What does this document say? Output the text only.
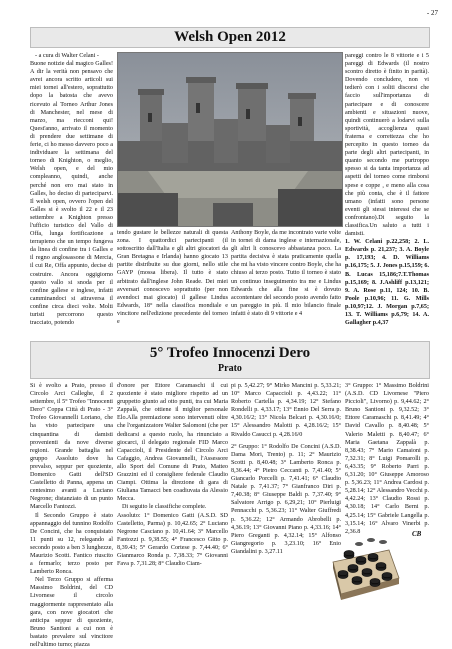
- 27
Welsh Open 2012

- a cura di Walter Celani -

Buone notizie dal magico Galles! A dir la verità non pensavo che avrei ancora scritto articoli sui miei tornei all'estero, soprattutto dopo la batosta che avevo ricevuto al Torneo Arthur Jones di Manchester, nel mese di marzo, ma riecconi qui! Quest'anno, arrivato il momento di prendere due settimane di ferie, ci ho messo davvero poco a individuare la settimana del torneo di Knighton, o meglio, Welsh open, e del mio compleanno, quindi, anche perché non ero mai stato in Galles, ho deciso di parteciparvi. Il welsh open, ovvero l'open del Galles si è svolto il 22 e il 23 settembre a Knighton presso l'ufficio turistico del Vallo di Offa, lunga fortificazione a terrapieno che un tempo fungeva da linea di confine tra i Galles e il regno anglosassone di Mercia, il cui Re, Offa appunto, decise di costruire. Ancora oggigiorno questo vallo si snoda per il confine gallese e inglese, infatti camminandoci si attraversa il confine circa dieci volte. Molti turisti percorrono questo tracciato, potendo

tendo gustare le bellezze naturali di questa zona. I quattordici partecipanti (il sottoscritto dall'Italia e gli altri giocatori da Gran Bretagna e Irlanda) hanno giocato 13 partite distribuite su due giorni, nello stile GAYP (mossa libera). Il tutto è stato arbitrato dall'inglese John Reade. Dei miei avversari conoscevo soprattutto (per non avendoci mai giocato) il gallese Lindus Edwards, 18° nella classifica mondiale e vincitore nell'edizione precedente del torneo e

Anthony Boyle, da me incontrato varie volte in tornei di dama inglese e internazionale, gli altri li conoscevo abbastanza poco. La partita decisiva è stata praticamente quella che mi ha visto vincere contro Boyle, che ha chiuso al terzo posto. Tutto il torneo è stato un continuo inseguimento tra me e Lindus Edwards che alla fine si è dovuto accontentare del secondo posto avendo fatto un pareggio in più. Il mio bilancio finale infatti è stato di 9 vittorie e 4

pareggi contro le 8 vittorie e i 5 pareggi di Edwards (il nostro scontro diretto è finito in parità). Dovendo concludere, non vi tedierò con i soliti discorsi che faccio sull'importanza di partecipare e di conoscere ambienti e situazioni nuove, quindi continuerò a lodarvi sulla sportività, accoglienza quasi fraterna e correttezza che ho percepito in questo torneo da parte degli altri partecipanti, in quanto secondo me purtroppo spesso si da tanta importanza ad aspetti del torneo come rimborsi spese e coppe , e meno alla cosa che più conta, che è il fattore umano (infatti sono persone eventi gli stessi interessi che se confrontano).Di seguito la classifica.Un saluto a tutti i damisti.

1. W. Celani p.22,258; 2. L. Edwards p. 21,237; 3. A. Boyle p. 17,193; 4. D. Williams p.16,175; 5. J. Jones p.15,159; 6. B. Lucas 15,186;7.T.Thomas p.15,169; 8. J.Ashliff p.13,121; 9. A. Rose p.11, 124; 10. B. Poole p.10,96; 11. G. Mills p.10,97;12. J. Morgan p.7,65; 13. T. Williams p.6,79; 14. A. Gallagher p.4,37

5° Trofeo Innocenzi Dero
Prato

Si è svolto a Prato, presso il Circolo Arci Calleghe, il 2 settembre, il 5° Trofeo "Innocenti Dero" Coppa Città di Prato - 3° Trofeo Giovannelli Loriano, che ha visto partecipare una cinquantina di damisti provenienti da nove diverse regioni. Grande battaglia nel gruppo Assoluto dove ha prevalso, seppur per quoziente, Domenico Gatti dell'SD Castelletto di Panna, appena un centesimo avanti a Luciano Negrone; distanziato di un punto Marcello Fantozzi.

Il Secondo Gruppo è stato appannaggio del tunnino Rodolfo De Concini, che ha conquistato 11 punti su 12, relegando al secondo posto a ben 3 lunghezze, Maurizio Scotti. Fantico riuscito a fermarlo; terzo posto per Lamberto Ronca.

Nel Terzo Gruppo si afferma Massimo Boldrini, del CD Livornese il circolo maggiormente rappresentato alla gara, con nove giocatori che anticipa seppur di quoziente, Bruno Santioni a cui non è bastato prevalere sul vincitore nell'ultimo turno; piazza

d'onore per Ettore Caramaschi il cui quoziente è stato migliore rispetto ad un gruppetto giunto ad otto punti, tra cui Maria Zappalà, che ottiene il miglior personale Elo.Alla premiazione sono intervenuti oltre che l'organizzatore Walter Salomoni (che per dedicarsi a questo ruolo, ha rinunciato a giocarci, il delegato regionale FID Marco Capaccioli, il Presidente del Circolo Arci Cafaggio, Andrea Giovannelli, l'Assessore allo Sport del Comune di Prato, Matteo Grazzini ed il consigliere federale Claudio Ciampi. Ottima la direzione di gara di Giuliana Tamacci ben coadiuvata da Alessio Mecca.

Di seguito le classifiche complete.

Assoluto: 1° Domenico Gatti (A.S.D. SD Castelletto, Parma) p. 10,42.65; 2° Luciano Negrone Casciano p. 10,41.64; 3° Marcello Fantozzi p. 9,38.55; 4° Francesco Gitto p. 8,39.43; 5° Gerardo Cortese p. 7,44.40; 6° Gianmarco Ronda p. 7,38.33; 7° Giovanni Fava p. 7,31.28; 8° Claudio Ciam-

pi p. 5,42.27; 9° Mirko Mancini p. 5,33.21; 10° Marco Capaccioli p. 4,43.22; 11° Roberto Cartella p. 4,34.19; 12° Stefano Rondelli p. 4,33.17; 13° Ennio Del Serra p. 4,30.16/2; 13° Nicola Belcari p. 4,30.16/0; 15° Alessandro Malotti p. 4,28.16/2; 15° Rivaldo Casucci p. 4,28.16/0

2° Gruppo: 1° Rodolfo De Concini (A.S.D. Dama Mori, Trento) p. 11; 2° Maurizio Scotti p. 8,40.48; 3° Lamberto Ronca p. 8,36.44; 4° Pietro Ceccanti p. 7,41.40; 5° Giancarlo Porcelli p. 7,41.41; 6° Claudio Natale p. 7,41.37; 7° Gianfranco Diri p. 7,40.38; 8° Giuseppe Baldi p. 7,37.40; 9° Salvatore Arrigo p. 6,29,21; 10° Pierluigi Pennacchi p. 5,36.23; 11° Walter Giuffredi p. 5,36.22; 12° Armando Abrobelli p. 4,36.19; 13° Giovanni Piano p. 4,33.16; 14° Piero Greganti p. 4,32.14; 15° Alfonso Giangregorio p. 3,23.10; 16° Enio Giandalini p. 3,27.11

3° Gruppo: 1° Massimo Boldrini (A.S.D. CD Livornese "Piero Piccioli", Livorno) p. 9,44.62; 2° Bruno Santioni p. 9,32.52; 3° Ettore Caramaschi p. 8,41.49; 4° David Cavallo p. 8,40.48; 5° Valerio Maletti p. 8,40.47; 6° Maria Gaetana Zappalà p. 8,38.43; 7° Mario Camaioni p. 7,32.31; 8° Luigi Pomarolli p. 6,43.35; 9° Roberto Parri p. 6,31.20; 10° Giuseppe Amoroso p. 5,36.23; 11° Andrea Cardosi p. 5,28.14; 12° Alessandro Vecchi p. 4,42.24; 13° Claudio Rossi p. 4,30.18; 14° Carlo Berni p. 4,25.14; 15° Gabriele Langella p. 3,15.14; 16° Alvaro Vinerbi p. 2,36.8	CB
